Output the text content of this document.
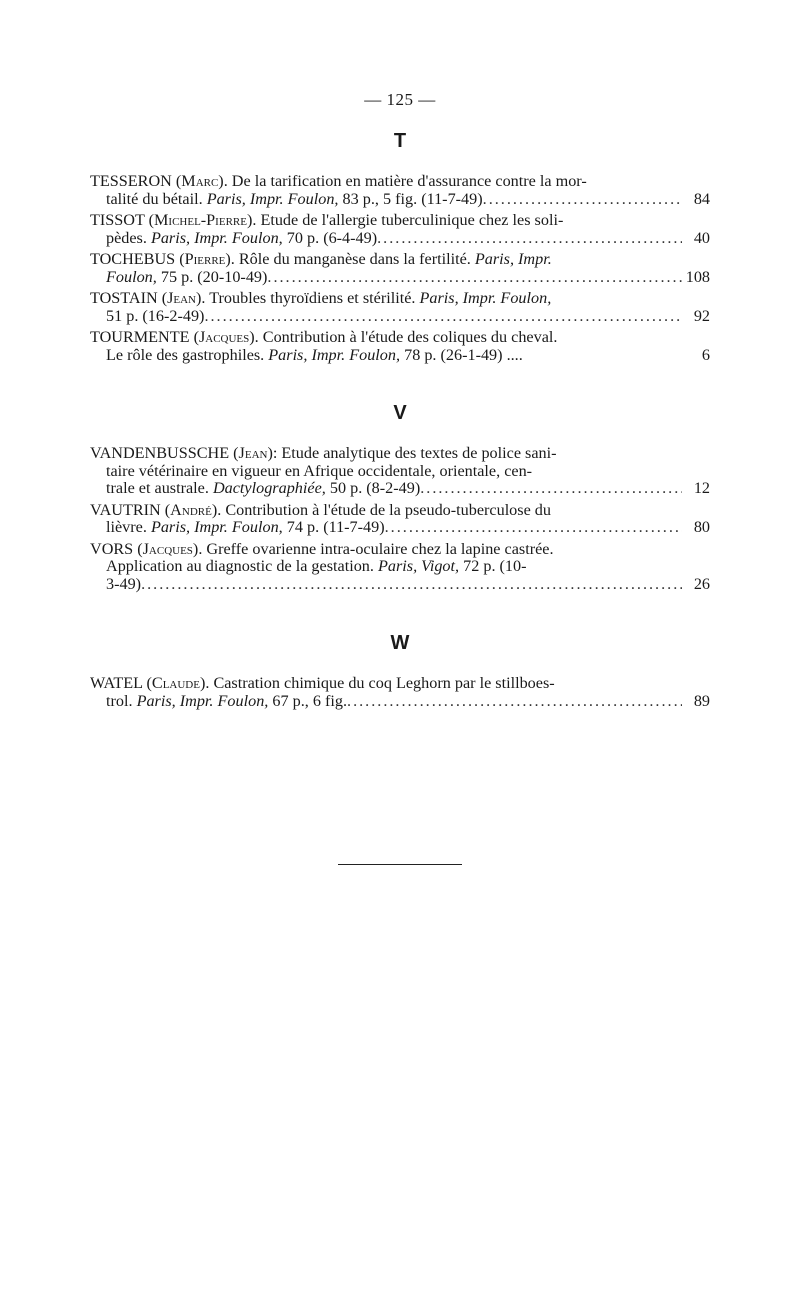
— 125 —
T
TESSERON (Marc). De la tarification en matière d'assurance contre la mor-
talité du bétail. Paris, Impr. Foulon, 83 p., 5 fig. (11-7-49) .....	84
TISSOT (Michel-Pierre). Etude de l'allergie tuberculinique chez les soli-
pèdes. Paris, Impr. Foulon, 70 p. (6-4-49) .....	40
TOCHEBUS (Pierre). Rôle du manganèse dans la fertilité. Paris, Impr.
Foulon, 75 p. (20-10-49) .....	108
TOSTAIN (Jean). Troubles thyroïdiens et stérilité. Paris, Impr. Foulon,
51 p. (16-2-49) .....	92
TOURMENTE (Jacques). Contribution à l'étude des coliques du cheval.
Le rôle des gastrophiles. Paris, Impr. Foulon, 78 p. (26-1-49) ....	6
V
VANDENBUSSCHE (Jean): Etude analytique des textes de police sani-
taire vétérinaire en vigueur en Afrique occidentale, orientale, cen-
trale et australe. Dactylographiée, 50 p. (8-2-49) .....	12
VAUTRIN (André). Contribution à l'étude de la pseudo-tuberculose du
lièvre. Paris, Impr. Foulon, 74 p. (11-7-49) .....	80
VORS (Jacques). Greffe ovarienne intra-oculaire chez la lapine castrée.
Application au diagnostic de la gestation. Paris, Vigot, 72 p. (10-
3-49) .....	26
W
WATEL (Claude). Castration chimique du coq Leghorn par le stillboes-
trol. Paris, Impr. Foulon, 67 p., 6 fig. .....	89
